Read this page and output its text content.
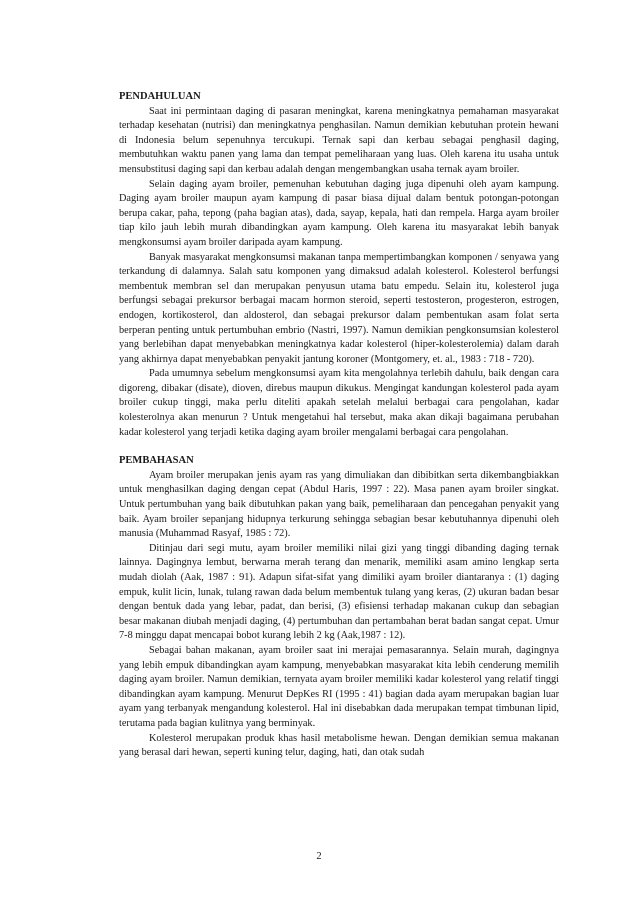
PENDAHULUAN

Saat ini permintaan daging di pasaran meningkat, karena meningkatnya pemahaman masyarakat terhadap kesehatan (nutrisi) dan meningkatnya penghasilan. Namun demikian kebutuhan protein hewani di Indonesia belum sepenuhnya tercukupi. Ternak sapi dan kerbau sebagai penghasil daging, membutuhkan waktu panen yang lama dan tempat pemeliharaan yang luas. Oleh karena itu usaha untuk mensubstitusi daging sapi dan kerbau adalah dengan mengembangkan usaha ternak ayam broiler.

Selain daging ayam broiler, pemenuhan kebutuhan daging juga dipenuhi oleh ayam kampung. Daging ayam broiler maupun ayam kampung di pasar biasa dijual dalam bentuk potongan-potongan berupa cakar, paha, tepong (paha bagian atas), dada, sayap, kepala, hati dan rempela. Harga ayam broiler tiap kilo jauh lebih murah dibandingkan ayam kampung. Oleh karena itu masyarakat lebih banyak mengkonsumsi ayam broiler daripada ayam kampung.

Banyak masyarakat mengkonsumsi makanan tanpa mempertimbangkan komponen / senyawa yang terkandung di dalamnya. Salah satu komponen yang dimaksud adalah kolesterol. Kolesterol berfungsi membentuk membran sel dan merupakan penyusun utama batu empedu. Selain itu, kolesterol juga berfungsi sebagai prekursor berbagai macam hormon steroid, seperti testosteron, progesteron, estrogen, endogen, kortikosterol, dan aldosterol, dan sebagai prekursor dalam pembentukan asam folat serta berperan penting untuk pertumbuhan embrio (Nastri, 1997). Namun demikian pengkonsumsian kolesterol yang berlebihan dapat menyebabkan meningkatnya kadar kolesterol (hiper-kolesterolemia) dalam darah yang akhirnya dapat menyebabkan penyakit jantung koroner (Montgomery, et. al., 1983 : 718 - 720).

Pada umumnya sebelum mengkonsumsi ayam kita mengolahnya terlebih dahulu, baik dengan cara digoreng, dibakar (disate), dioven, direbus maupun dikukus. Mengingat kandungan kolesterol pada ayam broiler cukup tinggi, maka perlu diteliti apakah setelah melalui berbagai cara pengolahan, kadar kolesterolnya akan menurun ? Untuk mengetahui hal tersebut, maka akan dikaji bagaimana perubahan kadar kolesterol yang terjadi ketika daging ayam broiler mengalami berbagai cara pengolahan.

PEMBAHASAN

Ayam broiler merupakan jenis ayam ras yang dimuliakan dan dibibitkan serta dikembangbiakkan untuk menghasilkan daging dengan cepat (Abdul Haris, 1997 : 22). Masa panen ayam broiler singkat. Untuk pertumbuhan yang baik dibutuhkan pakan yang baik, pemeliharaan dan pencegahan penyakit yang baik. Ayam broiler sepanjang hidupnya terkurung sehingga sebagian besar kebutuhannya dipenuhi oleh manusia (Muhammad Rasyaf, 1985 : 72).

Ditinjau dari segi mutu, ayam broiler memiliki nilai gizi yang tinggi dibanding daging ternak lainnya. Dagingnya lembut, berwarna merah terang dan menarik, memiliki asam amino lengkap serta mudah diolah (Aak, 1987 : 91). Adapun sifat-sifat yang dimiliki ayam broiler diantaranya : (1) daging empuk, kulit licin, lunak, tulang rawan dada belum membentuk tulang yang keras, (2) ukuran badan besar dengan bentuk dada yang lebar, padat, dan berisi, (3) efisiensi terhadap makanan cukup dan sebagian besar makanan diubah menjadi daging, (4) pertumbuhan dan pertambahan berat badan sangat cepat. Umur 7-8 minggu dapat mencapai bobot kurang lebih 2 kg (Aak,1987 : 12).

Sebagai bahan makanan, ayam broiler saat ini merajai pemasarannya. Selain murah, dagingnya yang lebih empuk dibandingkan ayam kampung, menyebabkan masyarakat kita lebih cenderung memilih daging ayam broiler. Namun demikian, ternyata ayam broiler memiliki kadar kolesterol yang relatif tinggi dibandingkan ayam kampung. Menurut DepKes RI (1995 : 41) bagian dada ayam merupakan bagian luar ayam yang terbanyak mengandung kolesterol. Hal ini disebabkan dada merupakan tempat timbunan lipid, terutama pada bagian kulitnya yang berminyak.

Kolesterol merupakan produk khas hasil metabolisme hewan. Dengan demikian semua makanan yang berasal dari hewan, seperti kuning telur, daging, hati, dan otak sudah

2
